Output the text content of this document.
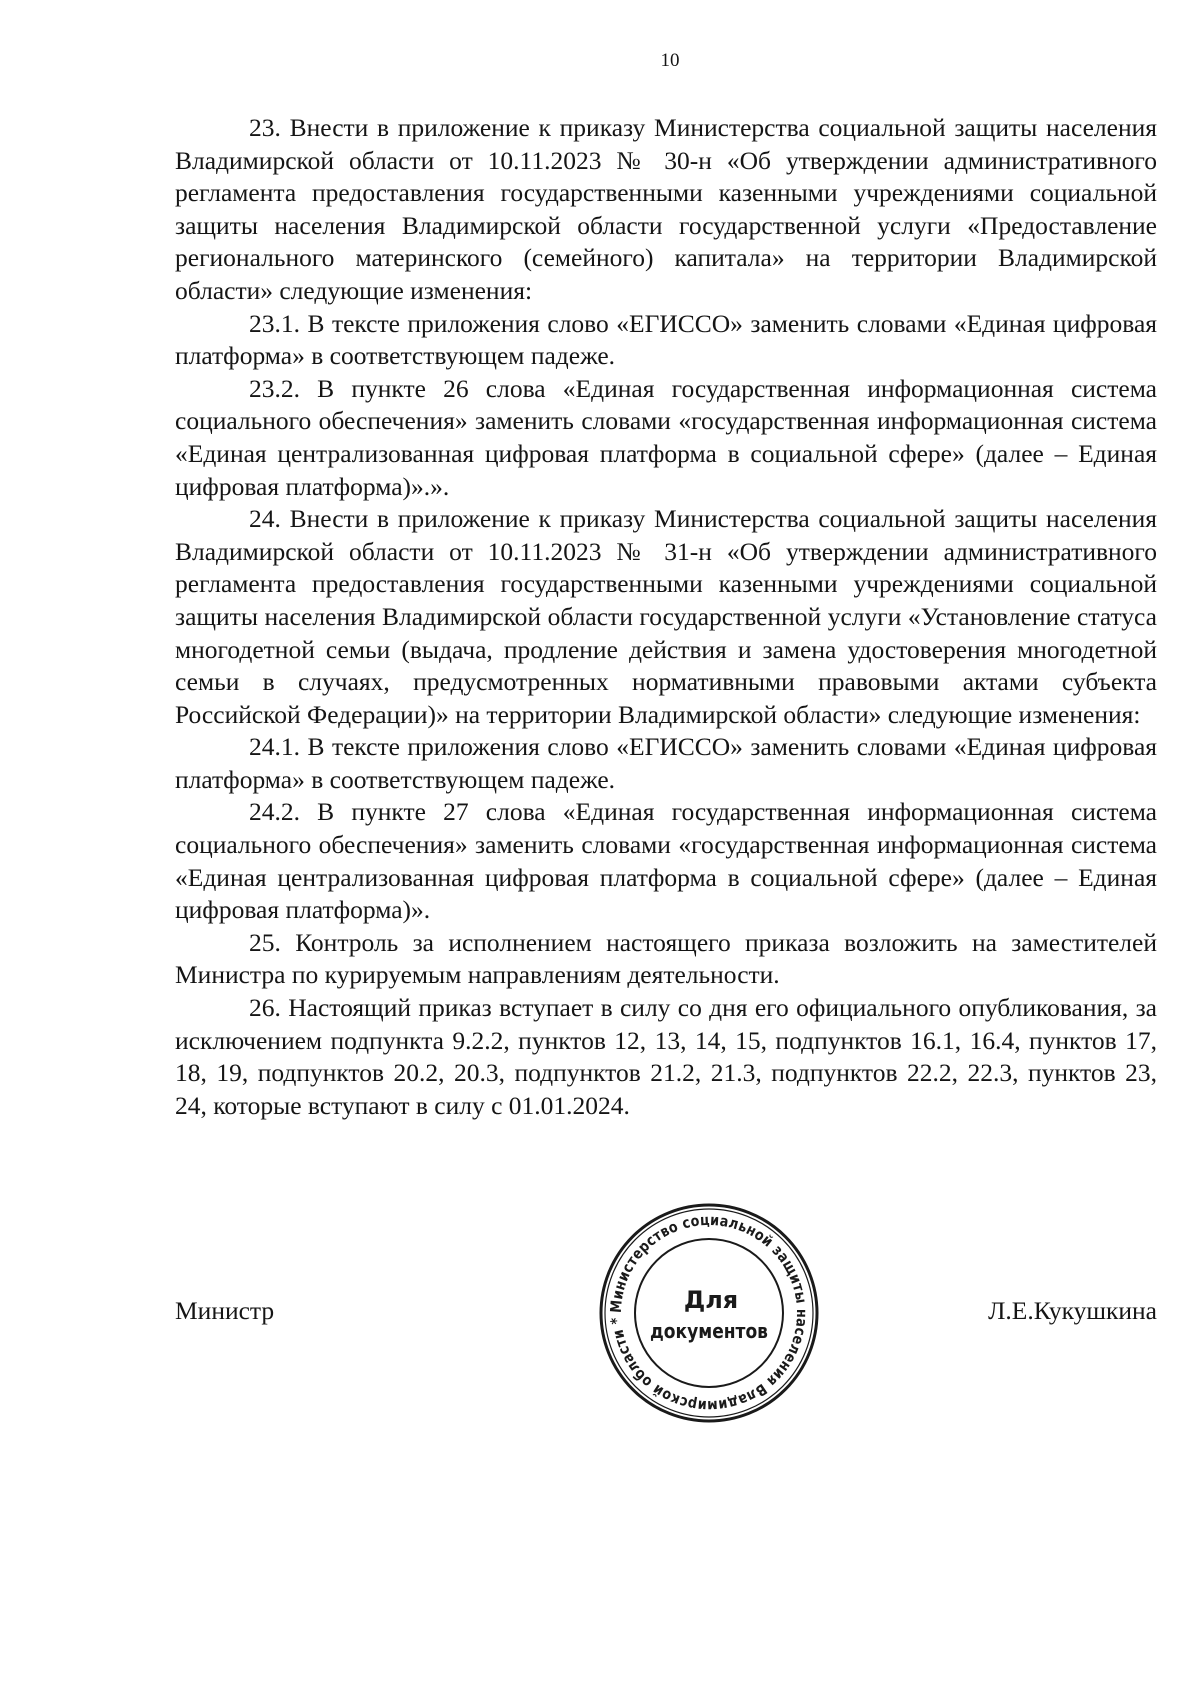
10

23. Внести в приложение к приказу Министерства социальной защиты населения Владимирской области от 10.11.2023 № 30-н «Об утверждении административного регламента предоставления государственными казенными учреждениями социальной защиты населения Владимирской области государственной услуги «Предоставление регионального материнского (семейного) капитала» на территории Владимирской области» следующие изменения:

23.1. В тексте приложения слово «ЕГИССО» заменить словами «Единая цифровая платформа» в соответствующем падеже.

23.2. В пункте 26 слова «Единая государственная информационная система социального обеспечения» заменить словами «государственная информационная система «Единая централизованная цифровая платформа в социальной сфере» (далее – Единая цифровая платформа)».».

24. Внести в приложение к приказу Министерства социальной защиты населения Владимирской области от 10.11.2023 № 31-н «Об утверждении административного регламента предоставления государственными казенными учреждениями социальной защиты населения Владимирской области государственной услуги «Установление статуса многодетной семьи (выдача, продление действия и замена удостоверения многодетной семьи в случаях, предусмотренных нормативными правовыми актами субъекта Российской Федерации)» на территории Владимирской области» следующие изменения:

24.1. В тексте приложения слово «ЕГИССО» заменить словами «Единая цифровая платформа» в соответствующем падеже.

24.2. В пункте 27 слова «Единая государственная информационная система социального обеспечения» заменить словами «государственная информационная система «Единая централизованная цифровая платформа в социальной сфере» (далее – Единая цифровая платформа)».

25. Контроль за исполнением настоящего приказа возложить на заместителей Министра по курируемым направлениям деятельности.

26. Настоящий приказ вступает в силу со дня его официального опубликования, за исключением подпункта 9.2.2, пунктов 12, 13, 14, 15, подпунктов 16.1, 16.4, пунктов 17, 18, 19, подпунктов 20.2, 20.3, подпунктов 21.2, 21.3, подпунктов 22.2, 22.3, пунктов 23, 24, которые вступают в силу с 01.01.2024.

Министр	Л.Е.Кукушкина
Министерство социальной защиты населения Владимирской области *
Для
документов
